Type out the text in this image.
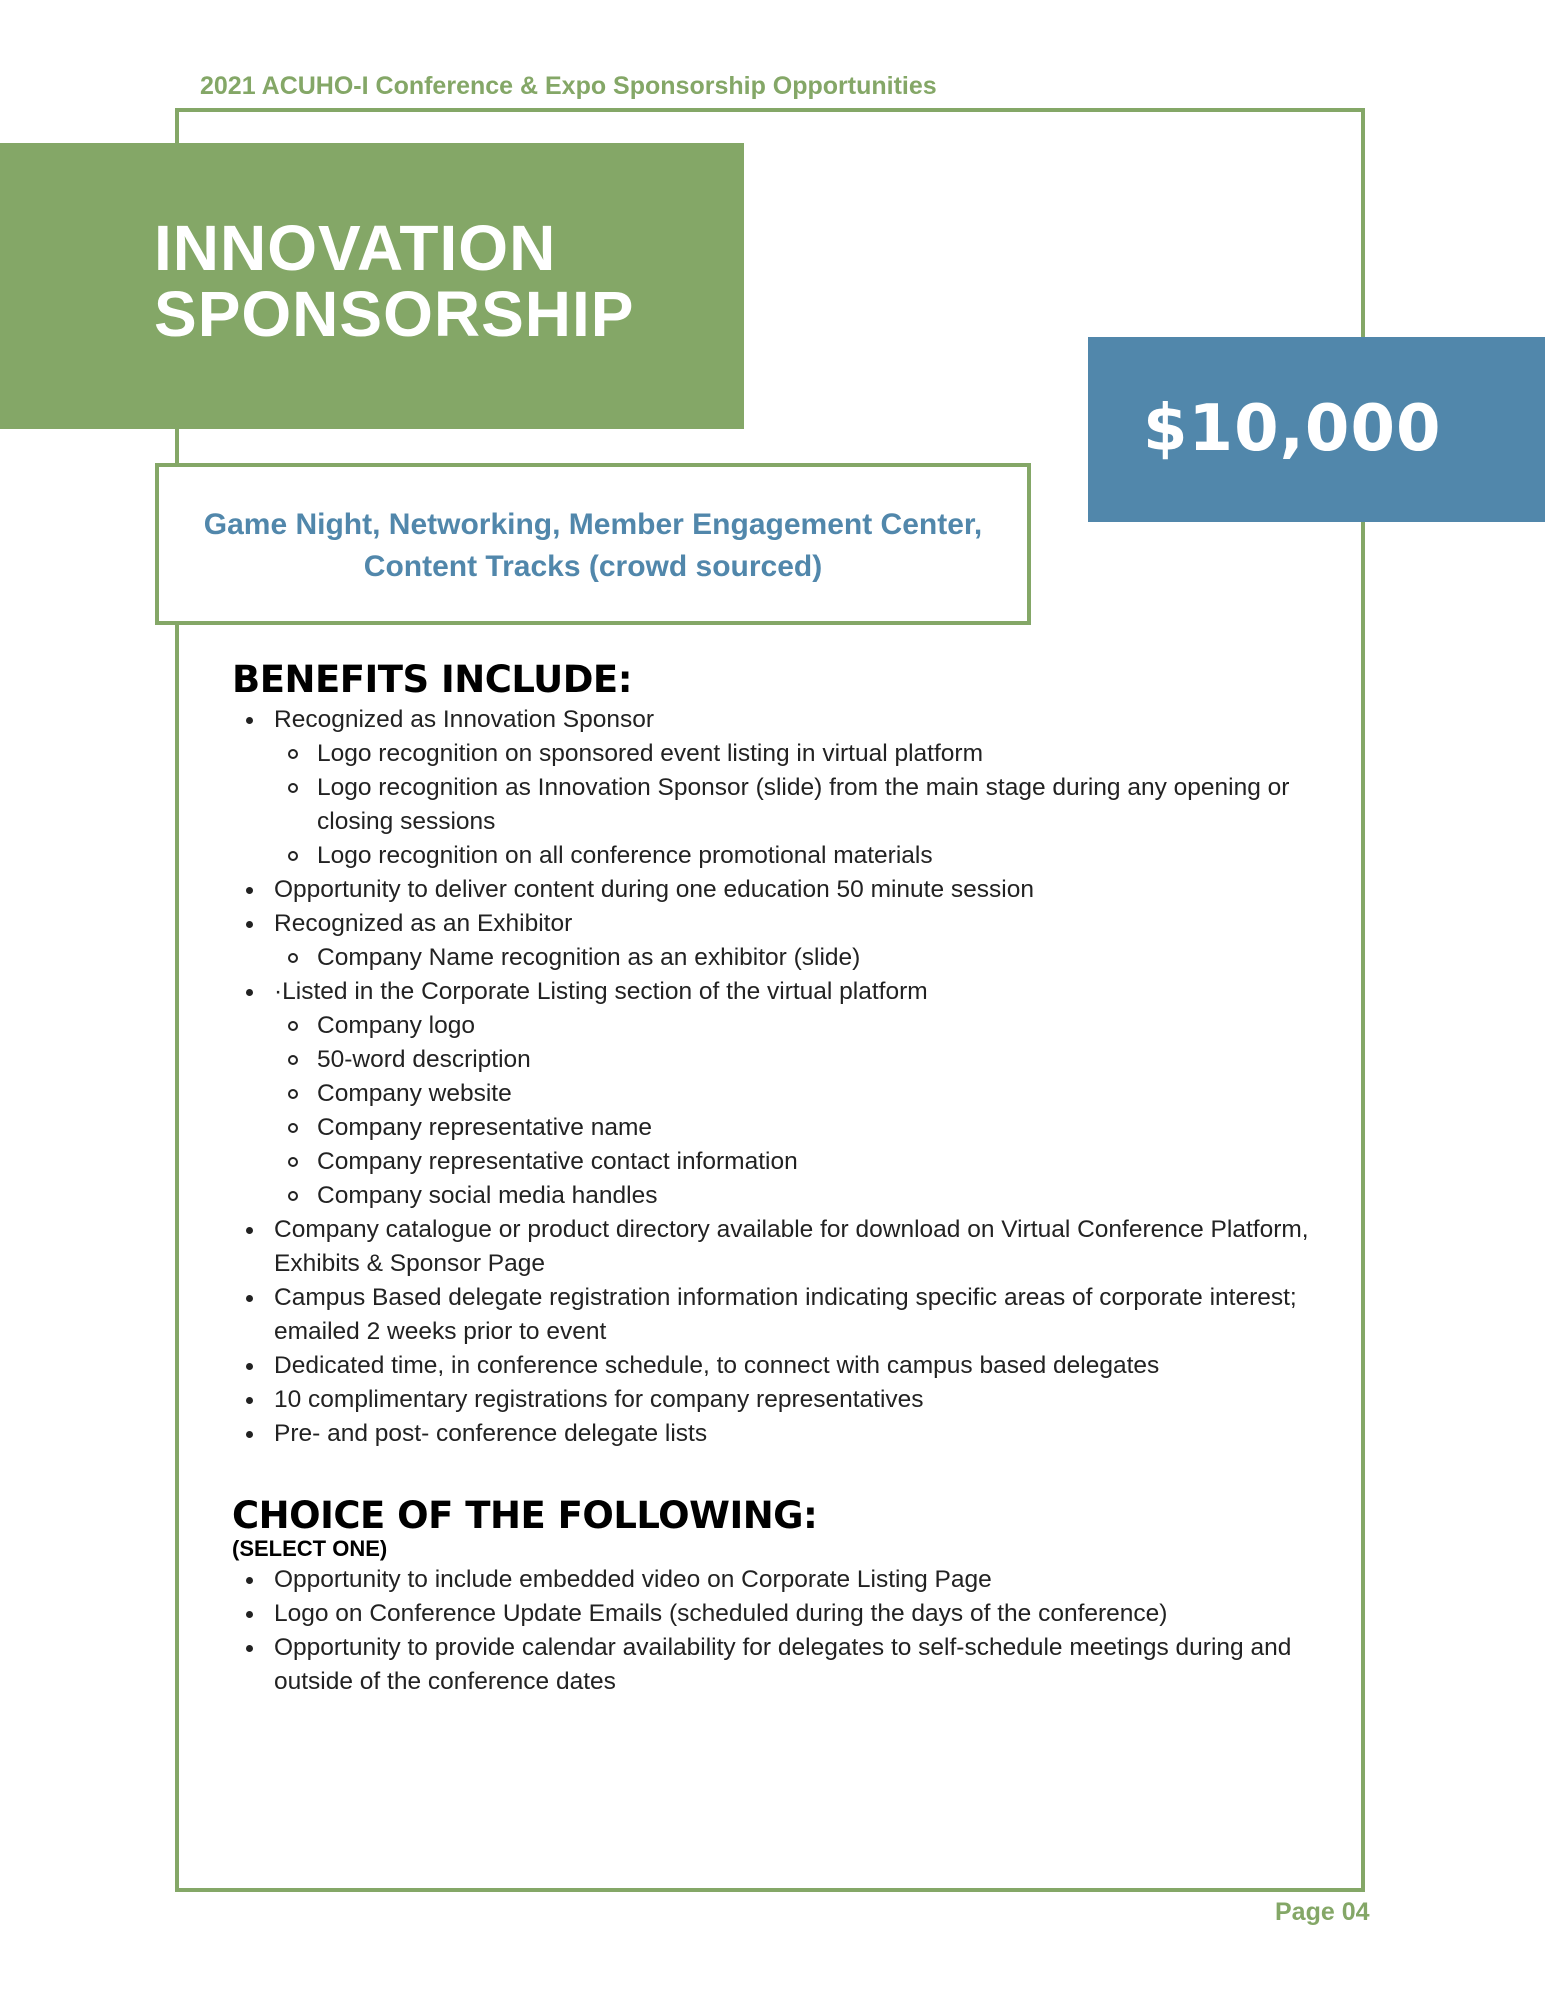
2021 ACUHO-I Conference & Expo Sponsorship Opportunities
INNOVATION
SPONSORSHIP
$10,000
Game Night, Networking, Member Engagement Center,
Content Tracks (crowd sourced)
BENEFITS INCLUDE:
Recognized as Innovation Sponsor
Logo recognition on sponsored event listing in virtual platform
Logo recognition as Innovation Sponsor (slide) from the main stage during any opening or closing sessions
Logo recognition on all conference promotional materials
Opportunity to deliver content during one education 50 minute session
Recognized as an Exhibitor
Company Name recognition as an exhibitor (slide)
·Listed in the Corporate Listing section of the virtual platform
Company logo
50-word description
Company website
Company representative name
Company representative contact information
Company social media handles
Company catalogue or product directory available for download on Virtual Conference Platform, Exhibits & Sponsor Page
Campus Based delegate registration information indicating specific areas of corporate interest; emailed 2 weeks prior to event
Dedicated time, in conference schedule, to connect with campus based delegates
10 complimentary registrations for company representatives
Pre- and post- conference delegate lists
CHOICE OF THE FOLLOWING:
(SELECT ONE)
Opportunity to include embedded video on Corporate Listing Page
Logo on Conference Update Emails (scheduled during the days of the conference)
Opportunity to provide calendar availability for delegates to self-schedule meetings during and outside of the conference dates
Page 04
